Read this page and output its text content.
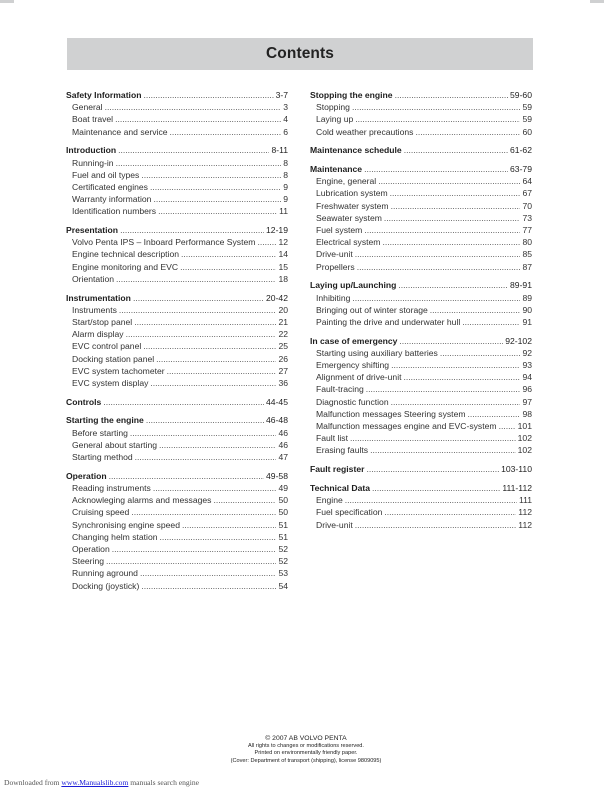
Contents
Safety Information . . .	3-7
General . . .	3
Boat travel . . .	4
Maintenance and service . . .	6
Introduction . . .	8-11
Running-in . . .	8
Fuel and oil types . . .	8
Certificated engines . . .	9
Warranty information . . .	9
Identification numbers . . .	11
Presentation . . .	12-19
Volvo Penta IPS – Inboard Performance System . . .	12
Engine technical description . . .	14
Engine monitoring and EVC . . .	15
Orientation . . .	18
Instrumentation . . .	20-42
Instruments . . .	20
Start/stop panel . . .	21
Alarm display . . .	22
EVC control panel . . .	25
Docking station panel . . .	26
EVC system tachometer . . .	27
EVC system display . . .	36
Controls . . .	44-45
Starting the engine . . .	46-48
Before starting . . .	46
General about starting . . .	46
Starting method . . .	47
Operation . . .	49-58
Reading instruments . . .	49
Acknowleging alarms and messages . . .	50
Cruising speed . . .	50
Synchronising engine speed . . .	51
Changing helm station . . .	51
Operation . . .	52
Steering . . .	52
Running aground . . .	53
Docking (joystick) . . .	54
Stopping the engine . . .	59-60
Stopping . . .	59
Laying up . . .	59
Cold weather precautions . . .	60
Maintenance schedule . . .	61-62
Maintenance . . .	63-79
Engine, general . . .	64
Lubrication system . . .	67
Freshwater system . . .	70
Seawater system . . .	73
Fuel system . . .	77
Electrical system . . .	80
Drive-unit . . .	85
Propellers . . .	87
Laying up/Launching . . .	89-91
Inhibiting . . .	89
Bringing out of winter storage . . .	90
Painting the drive and underwater hull . . .	91
In case of emergency . . .	92-102
Starting using auxiliary batteries . . .	92
Emergency shifting . . .	93
Alignment of drive-unit . . .	94
Fault-tracing . . .	96
Diagnostic function . . .	97
Malfunction messages Steering system . . .	98
Malfunction messages engine and EVC-system . . . 101
Fault list . . .	102
Erasing faults . . .	102
Fault register . . .	103-110
Technical Data . . .	111-112
Engine . . .	111
Fuel specification . . .	112
Drive-unit . . .	112
© 2007 AB VOLVO PENTA
All rights to changes or modifications reserved.
Printed on environmentally friendly paper.
(Cover: Department of transport (shipping), license 9809095)
Downloaded from www.Manualslib.com manuals search engine
